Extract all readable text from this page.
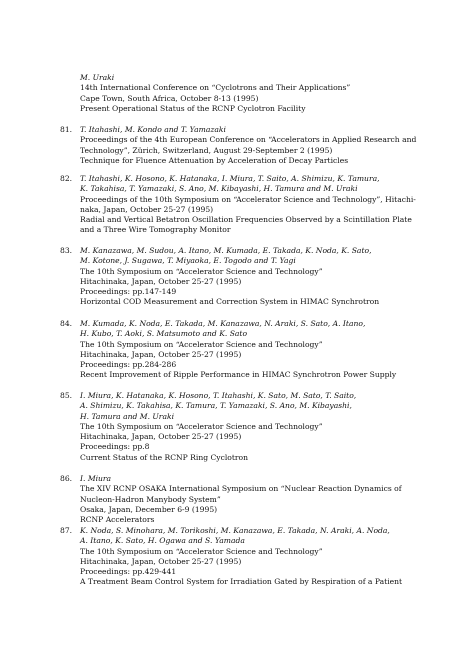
M. Uraki
14th International Conference on “Cyclotrons and Their Applications”
Cape Town, South Africa, October 8-13 (1995)
Present Operational Status of the RCNP Cyclotron Facility
81. T. Itahashi, M. Kondo and T. Yamazaki
Proceedings of the 4th European Conference on “Accelerators in Applied Research and
Technology”, Zürich, Switzerland, August 29-September 2 (1995)
Technique for Fluence Attenuation by Acceleration of Decay Particles
82. T. Itahashi, K. Hosono, K. Hatanaka, I. Miura, T. Saito, A. Shimizu, K. Tamura,
K. Takahisa, T. Yamazaki, S. Ano, M. Kibayashi, H. Tamura and M. Uraki
Proceedings of the 10th Symposium on “Accelerator Science and Technology”, Hitachi-
naka, Japan, October 25-27 (1995)
Radial and Vertical Betatron Oscillation Frequencies Observed by a Scintillation Plate
and a Three Wire Tomography Monitor
83. M. Kanazawa, M. Sudou, A. Itano, M. Kumada, E. Takada, K. Noda, K. Sato,
M. Kotone, J. Sugawa, T. Miyaoka, E. Togodo and T. Yagi
The 10th Symposium on “Accelerator Science and Technology”
Hitachinaka, Japan, October 25-27 (1995)
Proceedings: pp.147-149
Horizontal COD Measurement and Correction System in HIMAC Synchrotron
84. M. Kumada, K. Noda, E. Takada, M. Kanazawa, N. Araki, S. Sato, A. Itano,
H. Kubo, T. Aoki, S. Matsumoto and K. Sato
The 10th Symposium on “Accelerator Science and Technology”
Hitachinaka, Japan, October 25-27 (1995)
Proceedings: pp.284-286
Recent Improvement of Ripple Performance in HIMAC Synchrotron Power Supply
85. I. Miura, K. Hatanaka, K. Hosono, T. Itahashi, K. Sato, M. Sato, T. Saito,
A. Shimizu, K. Takahisa, K. Tamura, T. Yamazaki, S. Ano, M. Kibayashi,
H. Tamura and M. Uraki
The 10th Symposium on “Accelerator Science and Technology”
Hitachinaka, Japan, October 25-27 (1995)
Proceedings: pp.8
Current Status of the RCNP Ring Cyclotron
86. I. Miura
The XIV RCNP OSAKA International Symposium on “Nuclear Reaction Dynamics of
Nucleon-Hadron Manybody System”
Osaka, Japan, December 6-9 (1995)
RCNP Accelerators
87. K. Noda, S. Minohara, M. Torikoshi, M. Kanazawa, E. Takada, N. Araki, A. Noda,
A. Itano, K. Sato, H. Ogawa and S. Yamada
The 10th Symposium on “Accelerator Science and Technology”
Hitachinaka, Japan, October 25-27 (1995)
Proceedings: pp.429-441
A Treatment Beam Control System for Irradiation Gated by Respiration of a Patient
